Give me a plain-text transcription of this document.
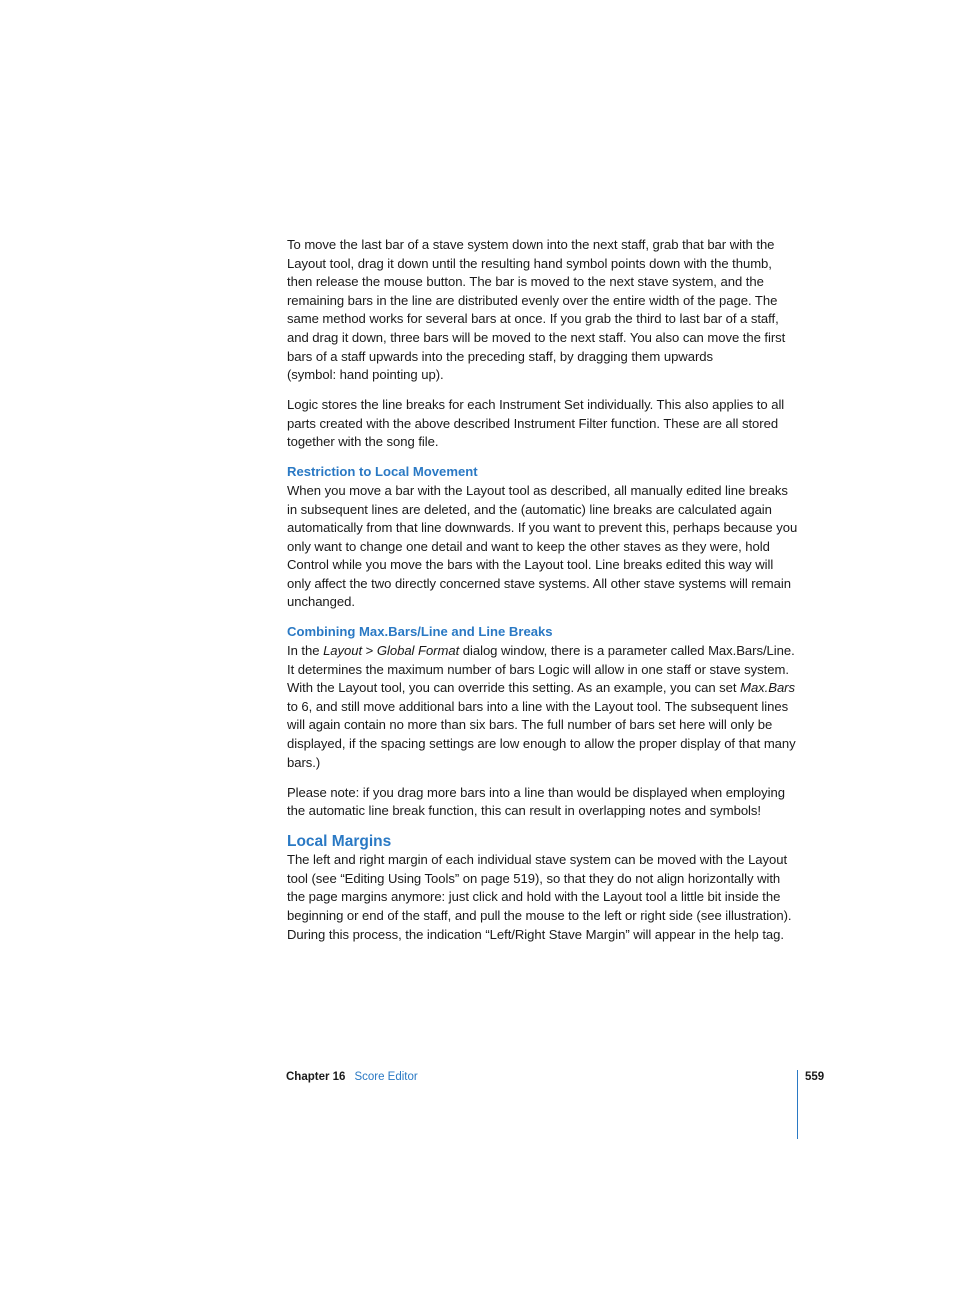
To move the last bar of a stave system down into the next staff, grab that bar with the Layout tool, drag it down until the resulting hand symbol points down with the thumb, then release the mouse button. The bar is moved to the next stave system, and the remaining bars in the line are distributed evenly over the entire width of the page. The same method works for several bars at once. If you grab the third to last bar of a staff, and drag it down, three bars will be moved to the next staff. You also can move the first bars of a staff upwards into the preceding staff, by dragging them upwards
(symbol: hand pointing up).

Logic stores the line breaks for each Instrument Set individually. This also applies to all parts created with the above described Instrument Filter function. These are all stored together with the song file.

Restriction to Local Movement

When you move a bar with the Layout tool as described, all manually edited line breaks in subsequent lines are deleted, and the (automatic) line breaks are calculated again automatically from that line downwards. If you want to prevent this, perhaps because you only want to change one detail and want to keep the other staves as they were, hold Control while you move the bars with the Layout tool. Line breaks edited this way will only affect the two directly concerned stave systems. All other stave systems will remain unchanged.

Combining Max.Bars/Line and Line Breaks

In the Layout > Global Format dialog window, there is a parameter called Max.Bars/Line. It determines the maximum number of bars Logic will allow in one staff or stave system. With the Layout tool, you can override this setting. As an example, you can set Max.Bars to 6, and still move additional bars into a line with the Layout tool. The subsequent lines will again contain no more than six bars. The full number of bars set here will only be displayed, if the spacing settings are low enough to allow the proper display of that many bars.)

Please note: if you drag more bars into a line than would be displayed when employing the automatic line break function, this can result in overlapping notes and symbols!

Local Margins

The left and right margin of each individual stave system can be moved with the Layout tool (see “Editing Using Tools” on page 519), so that they do not align horizontally with the page margins anymore: just click and hold with the Layout tool a little bit inside the beginning or end of the staff, and pull the mouse to the left or right side (see illustration). During this process, the indication “Left/Right Stave Margin” will appear in the help tag.

Chapter 16 Score Editor	559
